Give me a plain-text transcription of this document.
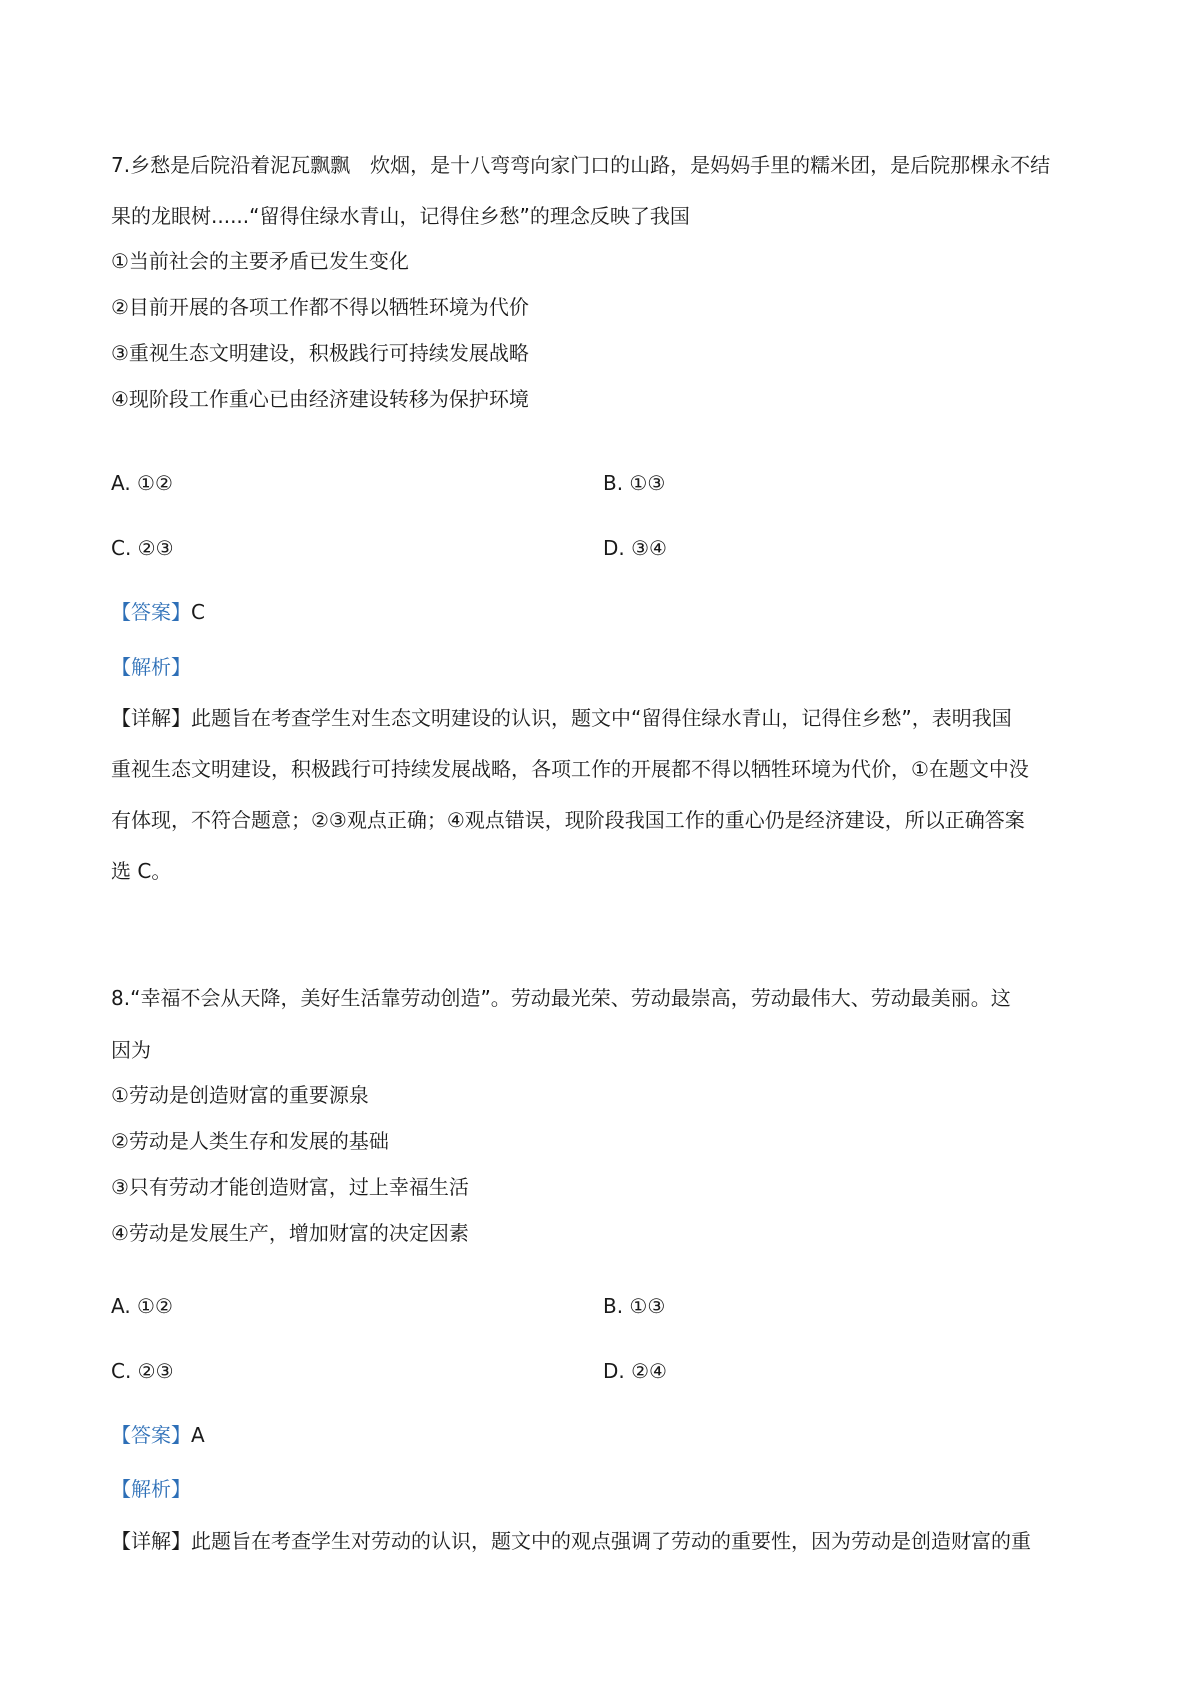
7.乡愁是后院沿着泥瓦飘飘　炊烟，是十八弯弯向家门口的山路，是妈妈手里的糯米团，是后院那棵永不结
果的龙眼树......“留得住绿水青山，记得住乡愁”的理念反映了我国
①当前社会的主要矛盾已发生变化
②目前开展的各项工作都不得以牺牲环境为代价
③重视生态文明建设，积极践行可持续发展战略
④现阶段工作重心已由经济建设转移为保护环境
A. ①②	B. ①③
C. ②③	D. ③④
【答案】C
【解析】
【详解】此题旨在考查学生对生态文明建设的认识，题文中“留得住绿水青山，记得住乡愁”，表明我国
重视生态文明建设，积极践行可持续发展战略，各项工作的开展都不得以牺牲环境为代价，①在题文中没
有体现，不符合题意；②③观点正确；④观点错误，现阶段我国工作的重心仍是经济建设，所以正确答案
选 C。
8.“幸福不会从天降，美好生活靠劳动创造”。劳动最光荣、劳动最崇高，劳动最伟大、劳动最美丽。这
因为
①劳动是创造财富的重要源泉
②劳动是人类生存和发展的基础
③只有劳动才能创造财富，过上幸福生活
④劳动是发展生产，增加财富的决定因素
A. ①②	B. ①③
C. ②③	D. ②④
【答案】A
【解析】
【详解】此题旨在考查学生对劳动的认识，题文中的观点强调了劳动的重要性，因为劳动是创造财富的重
